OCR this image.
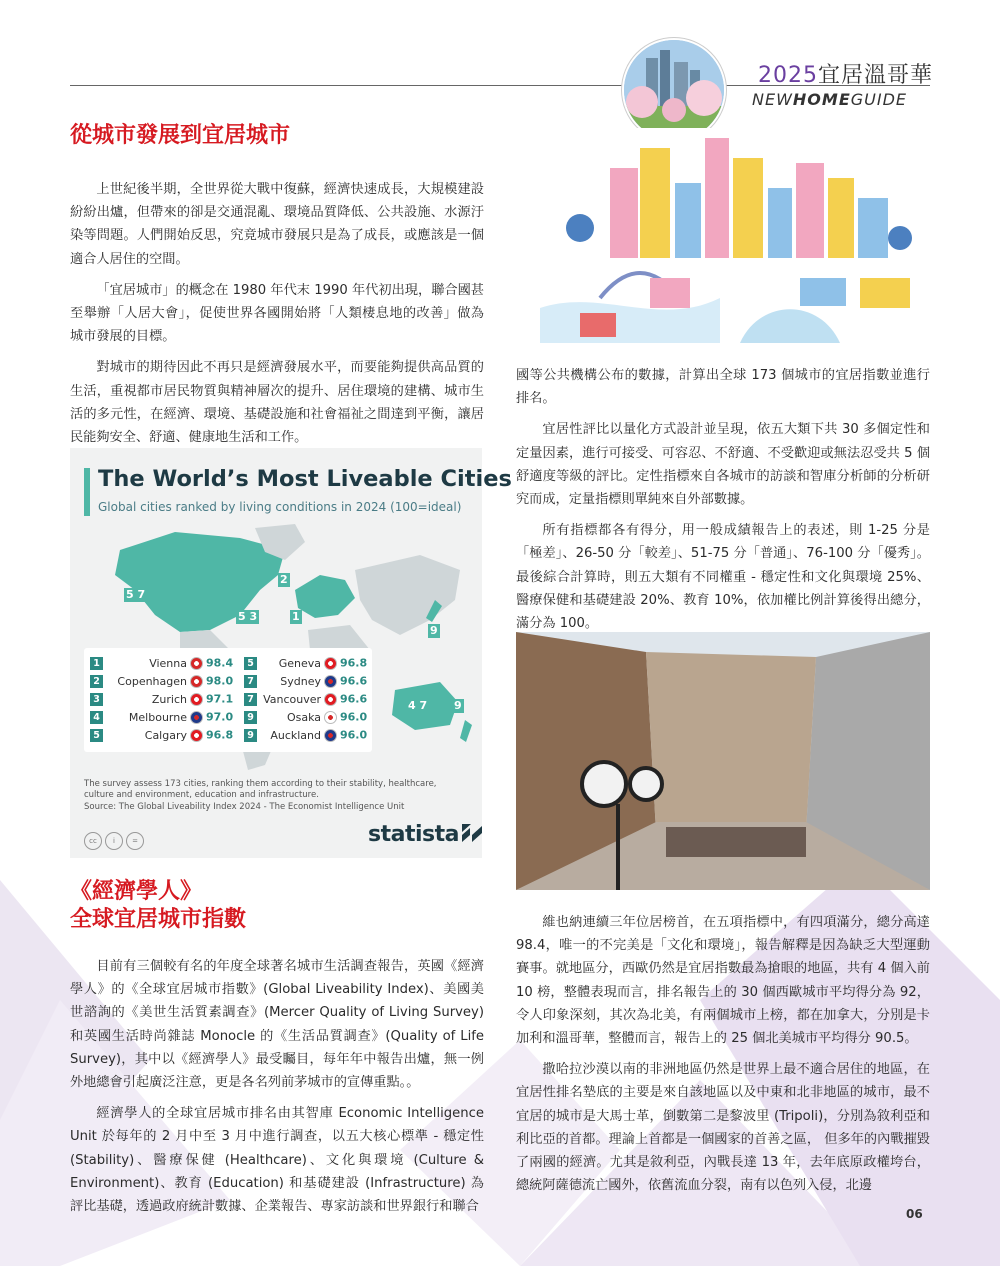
2025宜居溫哥華
NEWHOMEGUIDE
從城市發展到宜居城市

上世紀後半期，全世界從大戰中復蘇，經濟快速成長，大規模建設紛紛出爐，但帶來的卻是交通混亂、環境品質降低、公共設施、水源汙染等問題。人們開始反思，究竟城市發展只是為了成長，或應該是一個適合人居住的空間。

「宜居城市」的概念在 1980 年代末 1990 年代初出現，聯合國甚至舉辦「人居大會」，促使世界各國開始將「人類棲息地的改善」做為城市發展的目標。

對城市的期待因此不再只是經濟發展水平，而要能夠提供高品質的生活，重視都市居民物質與精神層次的提升、居住環境的建構、城市生活的多元性，在經濟、環境、基礎設施和社會福祉之間達到平衡，讓居民能夠安全、舒適、健康地生活和工作。

The World’s Most Liveable Cities
Global cities ranked by living conditions in 2024 (100=ideal)
5 7
2
5 3	1
9
4 7 9
1	Vienna 98.4
2 Copenhagen 98.0
3	Zurich 97.1
4	Melbourne 97.0
5	Calgary 96.8
5 Geneva 96.8
7 Sydney 96.6
7 Vancouver 96.6
9	Osaka 96.0
9 Auckland 96.0
The survey assess 173 cities, ranking them according to their stability, healthcare, culture and environment, education and infrastructure.
Source: The Global Liveability Index 2024 - The Economist Intelligence Unit
cc i =	statista
《經濟學人》
全球宜居城市指數

目前有三個較有名的年度全球著名城市生活調查報告，英國《經濟學人》的《全球宜居城市指數》(Global Liveability Index)、美國美世諮詢的《美世生活質素調查》(Mercer Quality of Living Survey) 和英國生活時尚雜誌 Monocle 的《生活品質調查》(Quality of Life Survey)，其中以《經濟學人》最受矚目，每年年中報告出爐，無一例外地總會引起廣泛注意，更是各名列前茅城市的宣傳重點。。

經濟學人的全球宜居城市排名由其智庫 Economic Intelligence Unit 於每年的 2 月中至 3 月中進行調查，以五大核心標準 - 穩定性 (Stability)、醫療保健 (Healthcare)、文化與環境 (Culture & Environment)、教育 (Education) 和基礎建設 (Infrastructure) 為評比基礎，透過政府統計數據、企業報告、專家訪談和世界銀行和聯合

國等公共機構公布的數據，計算出全球 173 個城市的宜居指數並進行排名。

宜居性評比以量化方式設計並呈現，依五大類下共 30 多個定性和定量因素，進行可接受、可容忍、不舒適、不受歡迎或無法忍受共 5 個舒適度等級的評比。定性指標來自各城市的訪談和智庫分析師的分析研究而成，定量指標則單純來自外部數據。

所有指標都各有得分，用一般成績報告上的表述，則 1-25 分是「極差」、26-50 分「較差」、51-75 分「普通」、76-100 分「優秀」。最後綜合計算時，則五大類有不同權重 - 穩定性和文化與環境 25%、醫療保健和基礎建設 20%、教育 10%，依加權比例計算後得出總分，滿分為 100。

維也納連續三年位居榜首，在五項指標中，有四項滿分，總分高達 98.4，唯一的不完美是「文化和環境」，報告解釋是因為缺乏大型運動賽事。就地區分，西歐仍然是宜居指數最為搶眼的地區，共有 4 個入前 10 榜，整體表現而言，排名報告上的 30 個西歐城市平均得分為 92，令人印象深刻，其次為北美，有兩個城市上榜，都在加拿大，分別是卡加利和溫哥華，整體而言，報告上的 25 個北美城市平均得分 90.5。

撒哈拉沙漠以南的非洲地區仍然是世界上最不適合居住的地區，在宜居性排名墊底的主要是來自該地區以及中東和北非地區的城市，最不宜居的城市是大馬士革，倒數第二是黎波里 (Tripoli)，分別為敘利亞和利比亞的首都。理論上首都是一個國家的首善之區， 但多年的內戰摧毀了兩國的經濟。尤其是敘利亞，內戰長達 13 年，去年底原政權垮台， 總統阿薩德流亡國外，依舊流血分裂，南有以色列入侵，北邊

06
